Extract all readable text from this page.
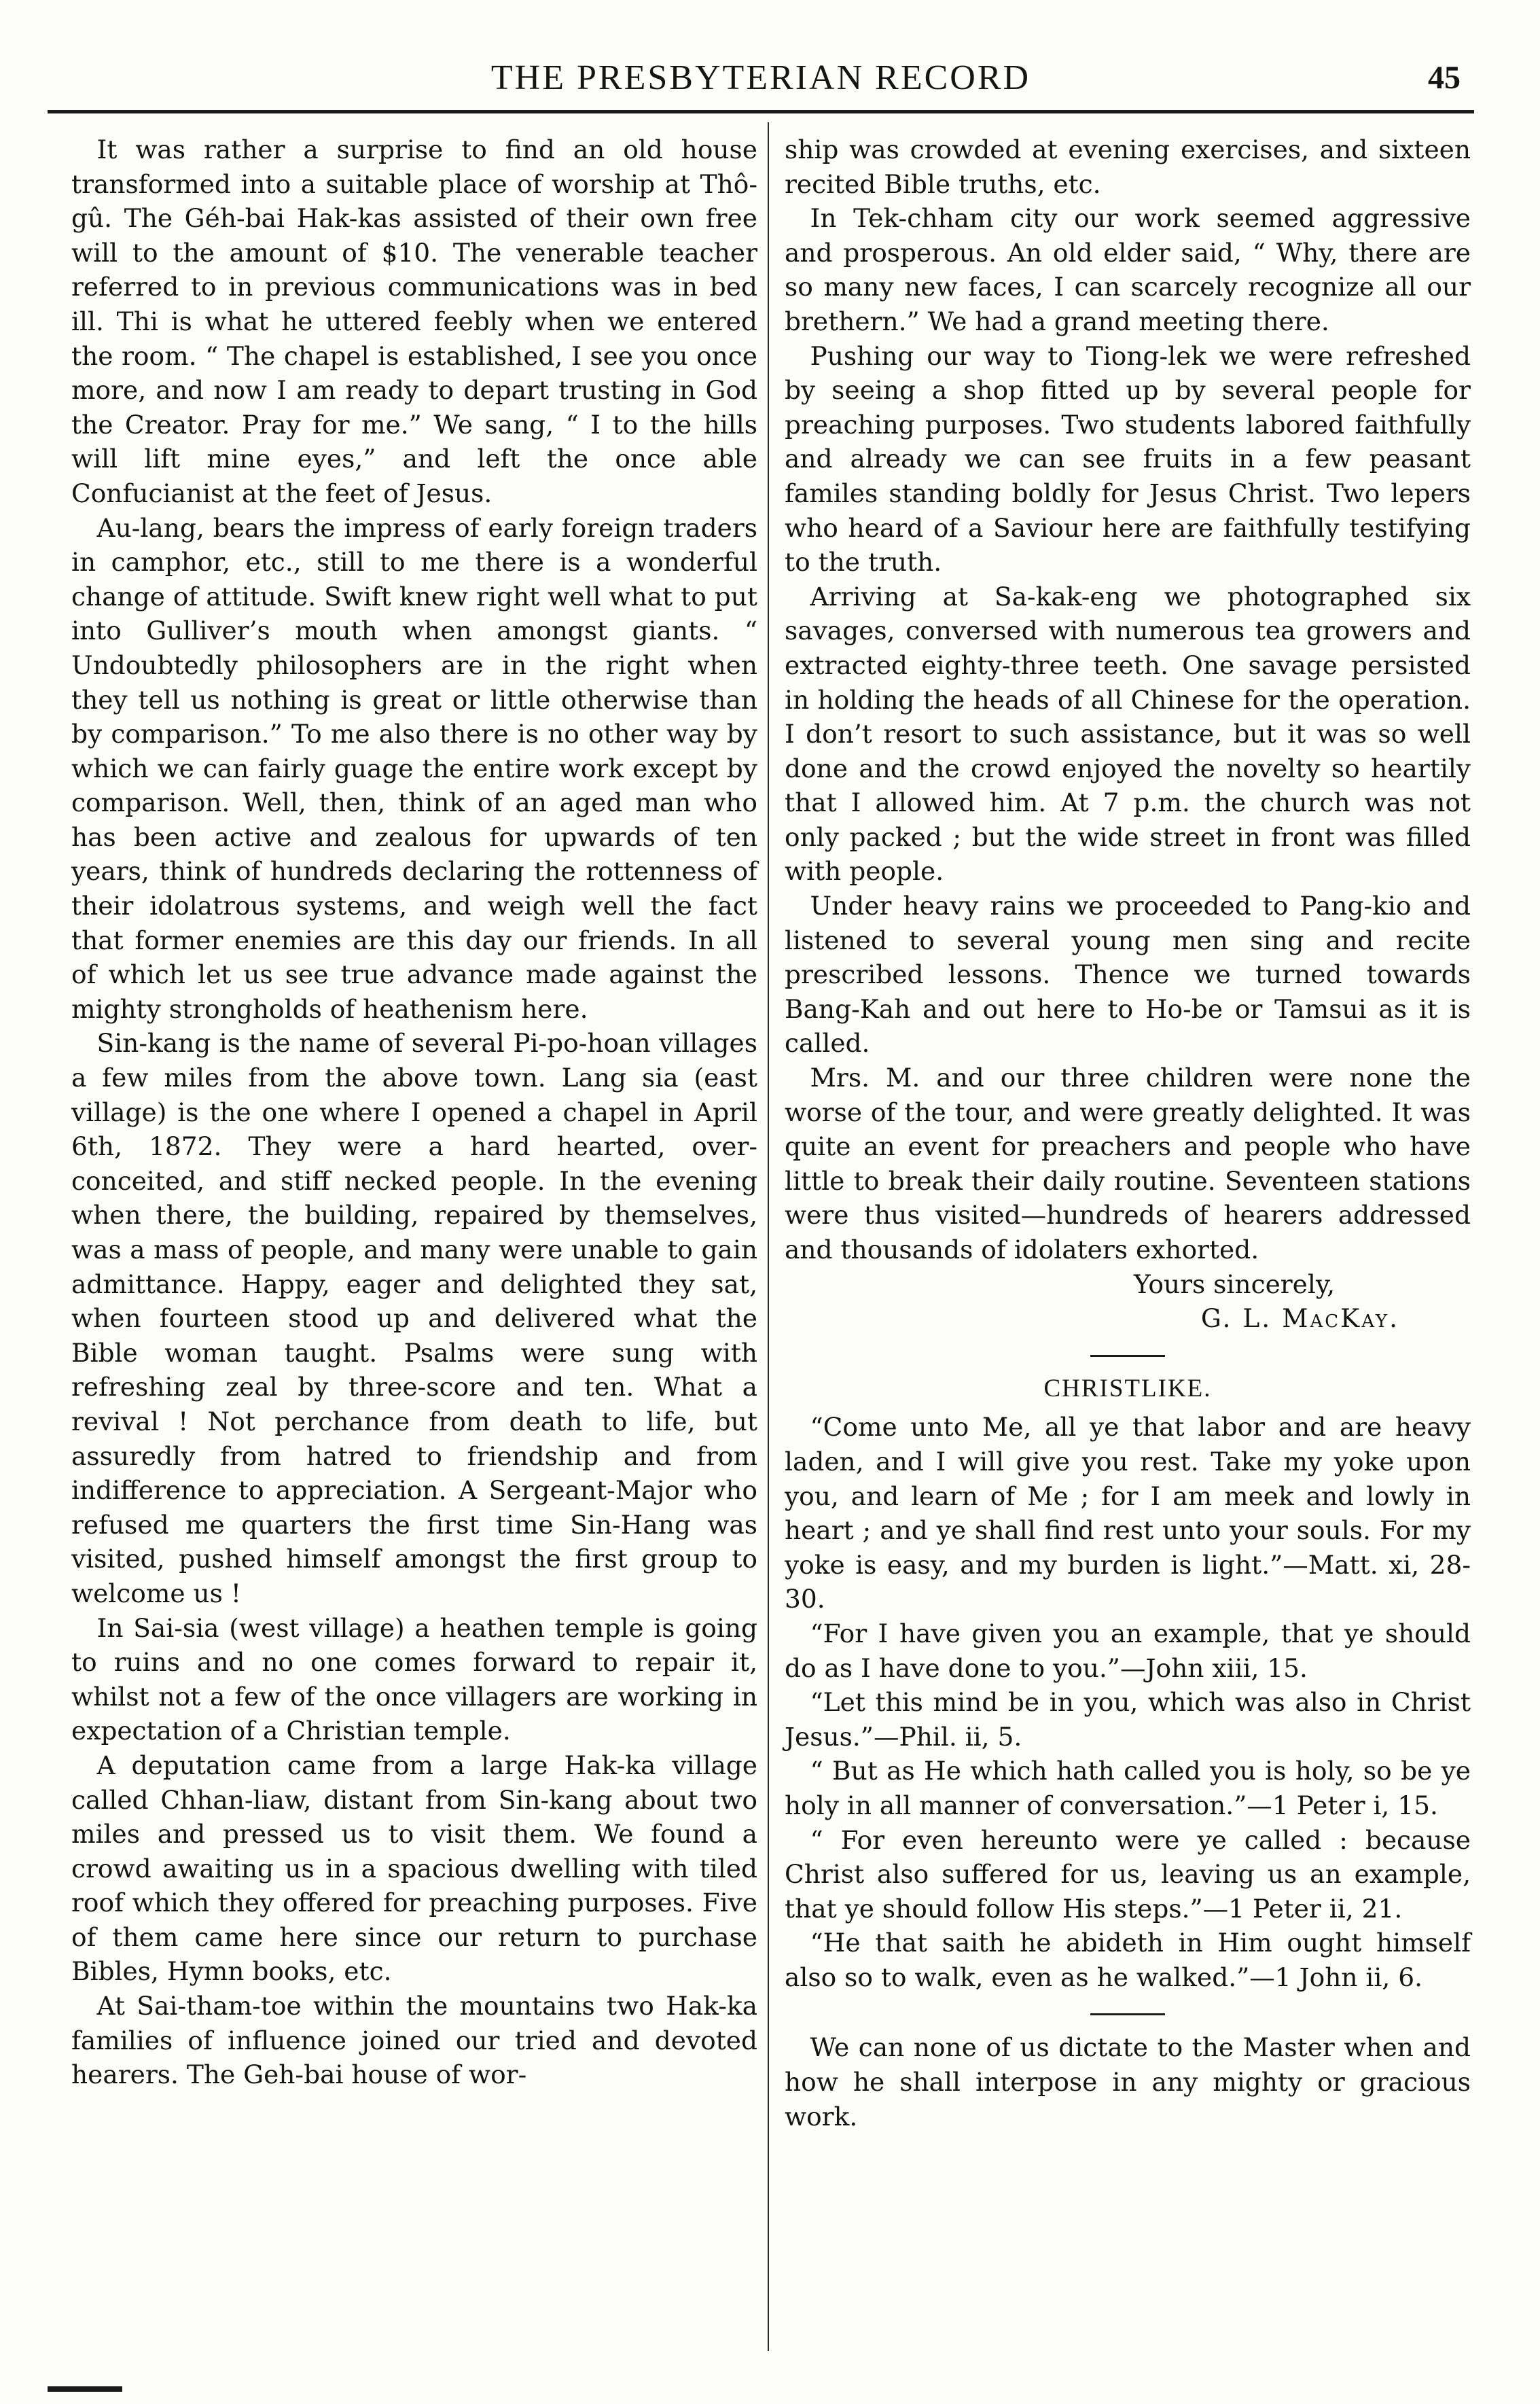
THE PRESBYTERIAN RECORD	45

It was rather a surprise to find an old house transformed into a suitable place of worship at Thô-gû. The Géh-bai Hak-kas assisted of their own free will to the amount of $10. The venerable teacher referred to in previous communications was in bed ill. Thi is what he uttered feebly when we entered the room. “ The chapel is established, I see you once more, and now I am ready to depart trusting in God the Creator. Pray for me.” We sang, “ I to the hills will lift mine eyes,” and left the once able Confucianist at the feet of Jesus.

Au-lang, bears the impress of early foreign traders in camphor, etc., still to me there is a wonderful change of attitude. Swift knew right well what to put into Gulliver’s mouth when amongst giants. “ Undoubtedly philosophers are in the right when they tell us nothing is great or little otherwise than by comparison.” To me also there is no other way by which we can fairly guage the entire work except by comparison. Well, then, think of an aged man who has been active and zealous for upwards of ten years, think of hundreds declaring the rottenness of their idolatrous systems, and weigh well the fact that former enemies are this day our friends. In all of which let us see true advance made against the mighty strongholds of heathenism here.

Sin-kang is the name of several Pi-po-hoan villages a few miles from the above town. Lang sia (east village) is the one where I opened a chapel in April 6th, 1872. They were a hard hearted, over-conceited, and stiff necked people. In the evening when there, the building, repaired by themselves, was a mass of people, and many were unable to gain admittance. Happy, eager and delighted they sat, when fourteen stood up and delivered what the Bible woman taught. Psalms were sung with refreshing zeal by three-score and ten. What a revival ! Not perchance from death to life, but assuredly from hatred to friendship and from indifference to appreciation. A Sergeant-Major who refused me quarters the first time Sin-Hang was visited, pushed himself amongst the first group to welcome us !

In Sai-sia (west village) a heathen temple is going to ruins and no one comes forward to repair it, whilst not a few of the once villagers are working in expectation of a Christian temple.

A deputation came from a large Hak-ka village called Chhan-liaw, distant from Sin-kang about two miles and pressed us to visit them. We found a crowd awaiting us in a spacious dwelling with tiled roof which they offered for preaching purposes. Five of them came here since our return to purchase Bibles, Hymn books, etc.

At Sai-tham-toe within the mountains two Hak-ka families of influence joined our tried and devoted hearers. The Geh-bai house of wor-

ship was crowded at evening exercises, and sixteen recited Bible truths, etc.

In Tek-chham city our work seemed aggressive and prosperous. An old elder said, “ Why, there are so many new faces, I can scarcely recognize all our brethern.” We had a grand meeting there.

Pushing our way to Tiong-lek we were refreshed by seeing a shop fitted up by several people for preaching purposes. Two students labored faithfully and already we can see fruits in a few peasant familes standing boldly for Jesus Christ. Two lepers who heard of a Saviour here are faithfully testifying to the truth.

Arriving at Sa-kak-eng we photographed six savages, conversed with numerous tea growers and extracted eighty-three teeth. One savage persisted in holding the heads of all Chinese for the operation. I don’t resort to such assistance, but it was so well done and the crowd enjoyed the novelty so heartily that I allowed him. At 7 p.m. the church was not only packed ; but the wide street in front was filled with people.

Under heavy rains we proceeded to Pang-kio and listened to several young men sing and recite prescribed lessons. Thence we turned towards Bang-Kah and out here to Ho-be or Tamsui as it is called.

Mrs. M. and our three children were none the worse of the tour, and were greatly delighted. It was quite an event for preachers and people who have little to break their daily routine. Seventeen stations were thus visited—hundreds of hearers addressed and thousands of idolaters exhorted.

Yours sincerely,

G. L. MacKay.

CHRISTLIKE.

“Come unto Me, all ye that labor and are heavy laden, and I will give you rest. Take my yoke upon you, and learn of Me ; for I am meek and lowly in heart ; and ye shall find rest unto your souls. For my yoke is easy, and my burden is light.”—Matt. xi, 28-30.

“For I have given you an example, that ye should do as I have done to you.”—John xiii, 15.

“Let this mind be in you, which was also in Christ Jesus.”—Phil. ii, 5.

“ But as He which hath called you is holy, so be ye holy in all manner of conversation.”—1 Peter i, 15.

“ For even hereunto were ye called : because Christ also suffered for us, leaving us an example, that ye should follow His steps.”—1 Peter ii, 21.

“He that saith he abideth in Him ought himself also so to walk, even as he walked.”—1 John ii, 6.

We can none of us dictate to the Master when and how he shall interpose in any mighty or gracious work.
